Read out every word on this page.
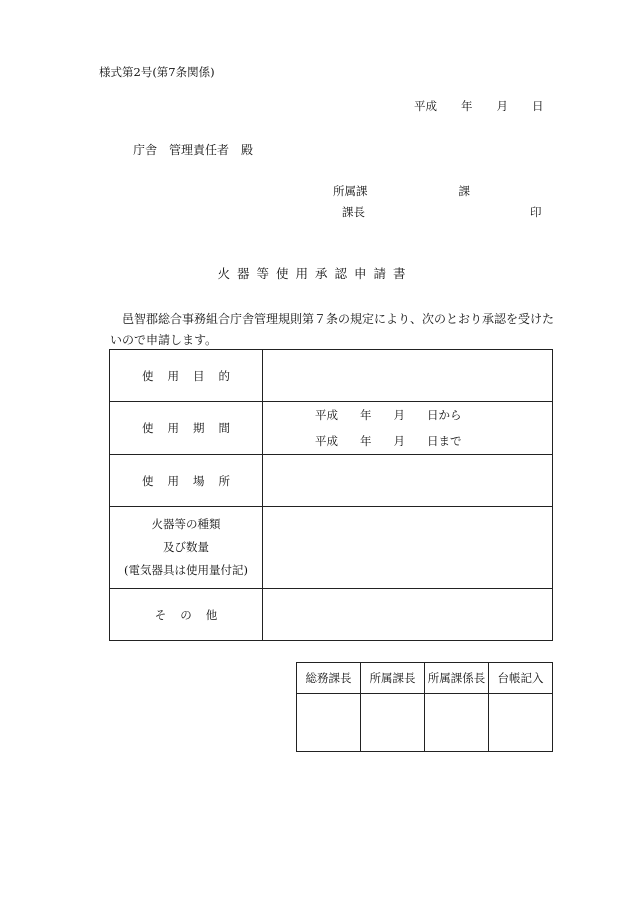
様式第2号(第7条関係)
平成 年 月 日
庁舎　管理責任者　殿
所属課	課
課長	印
火器等使用承認申請書
邑智郡総合事務組合庁舎管理規則第７条の規定により、次のとおり承認を受けたいので申請します。
使用目的	
使用期間	平成 年 月 日から
平成 年 月 日まで

使用場所	

火器等の種類
及び数量
(電気器具は使用量付記)	

その他	
総務課長	所属課長	所属課係長	台帳記入
